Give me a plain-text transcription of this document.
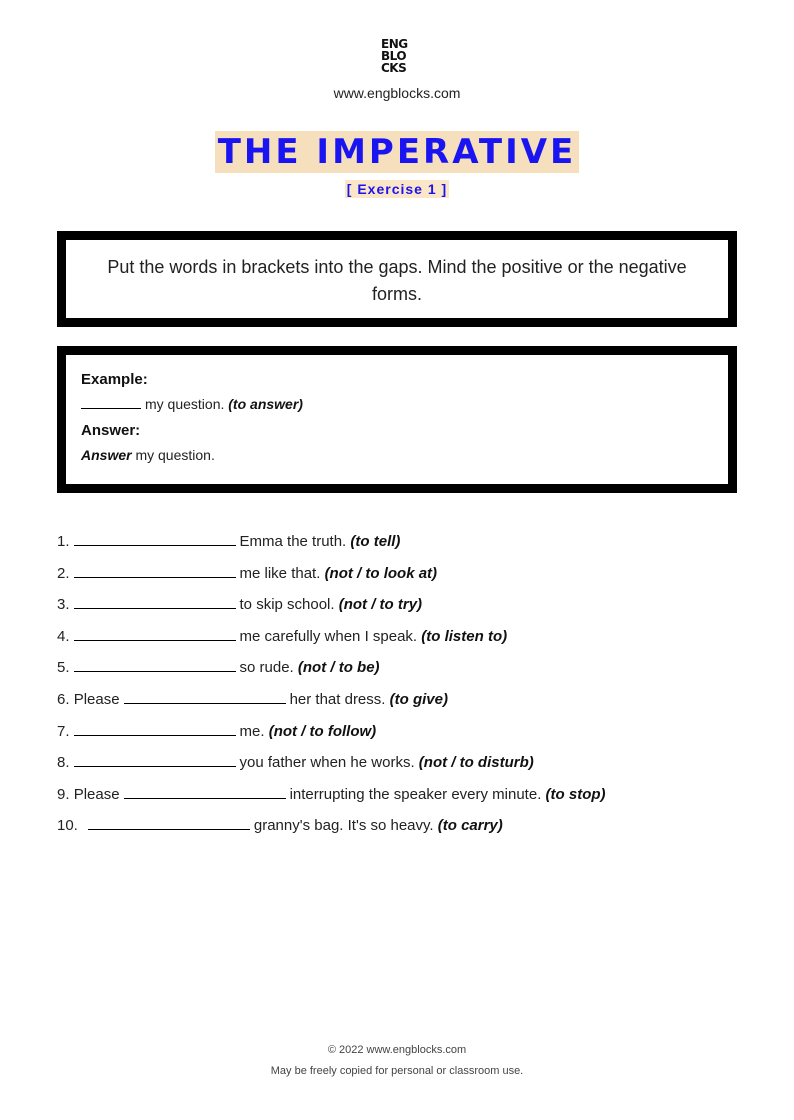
ENG
BLO
CKS
www.engblocks.com
THE IMPERATIVE
[ Exercise 1 ]
Put the words in brackets into the gaps. Mind the positive or the negative forms.
Example:
my question. (to answer)
Answer:
Answer my question.
1.	Emma the truth. (to tell)
2.	me like that. (not / to look at)
3.	to skip school. (not / to try)
4.	me carefully when I speak. (to listen to)
5.	so rude. (not / to be)
6. Please	her that dress. (to give)
7.	me. (not / to follow)
8.	you father when he works. (not / to disturb)
9. Please	interrupting the speaker every minute. (to stop)
10.	granny's bag. It's so heavy. (to carry)
© 2022 www.engblocks.com
May be freely copied for personal or classroom use.
